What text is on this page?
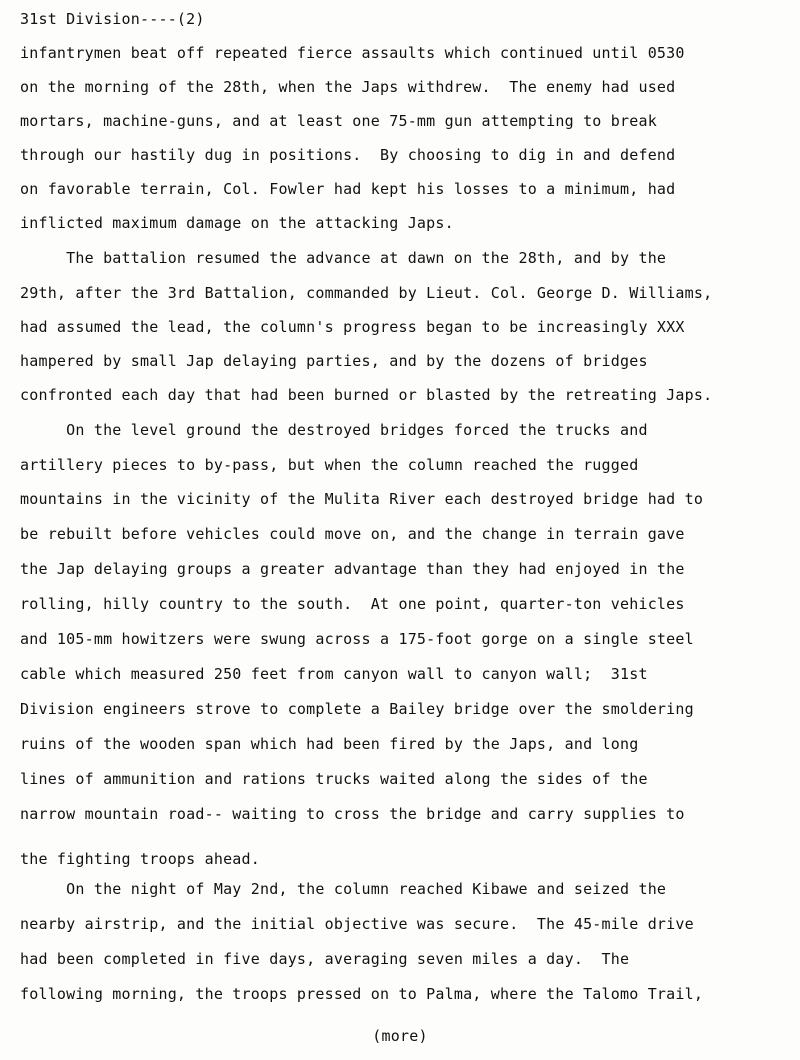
31st Division----(2)
infantrymen beat off repeated fierce assaults which continued until 0530
on the morning of the 28th, when the Japs withdrew.  The enemy had used
mortars, machine-guns, and at least one 75-mm gun attempting to break
through our hastily dug in positions.  By choosing to dig in and defend
on favorable terrain, Col. Fowler had kept his losses to a minimum, had
inflicted maximum damage on the attacking Japs.
The battalion resumed the advance at dawn on the 28th, and by the
29th, after the 3rd Battalion, commanded by Lieut. Col. George D. Williams,
had assumed the lead, the column's progress began to be increasingly XXX
hampered by small Jap delaying parties, and by the dozens of bridges
confronted each day that had been burned or blasted by the retreating Japs.
On the level ground the destroyed bridges forced the trucks and
artillery pieces to by-pass, but when the column reached the rugged
mountains in the vicinity of the Mulita River each destroyed bridge had to
be rebuilt before vehicles could move on, and the change in terrain gave
the Jap delaying groups a greater advantage than they had enjoyed in the
rolling, hilly country to the south.  At one point, quarter-ton vehicles
and 105-mm howitzers were swung across a 175-foot gorge on a single steel
cable which measured 250 feet from canyon wall to canyon wall;  31st
Division engineers strove to complete a Bailey bridge over the smoldering
ruins of the wooden span which had been fired by the Japs, and long
lines of ammunition and rations trucks waited along the sides of the
narrow mountain road-- waiting to cross the bridge and carry supplies to
the fighting troops ahead.
On the night of May 2nd, the column reached Kibawe and seized the
nearby airstrip, and the initial objective was secure.  The 45-mile drive
had been completed in five days, averaging seven miles a day.  The
following morning, the troops pressed on to Palma, where the Talomo Trail,
(more)
